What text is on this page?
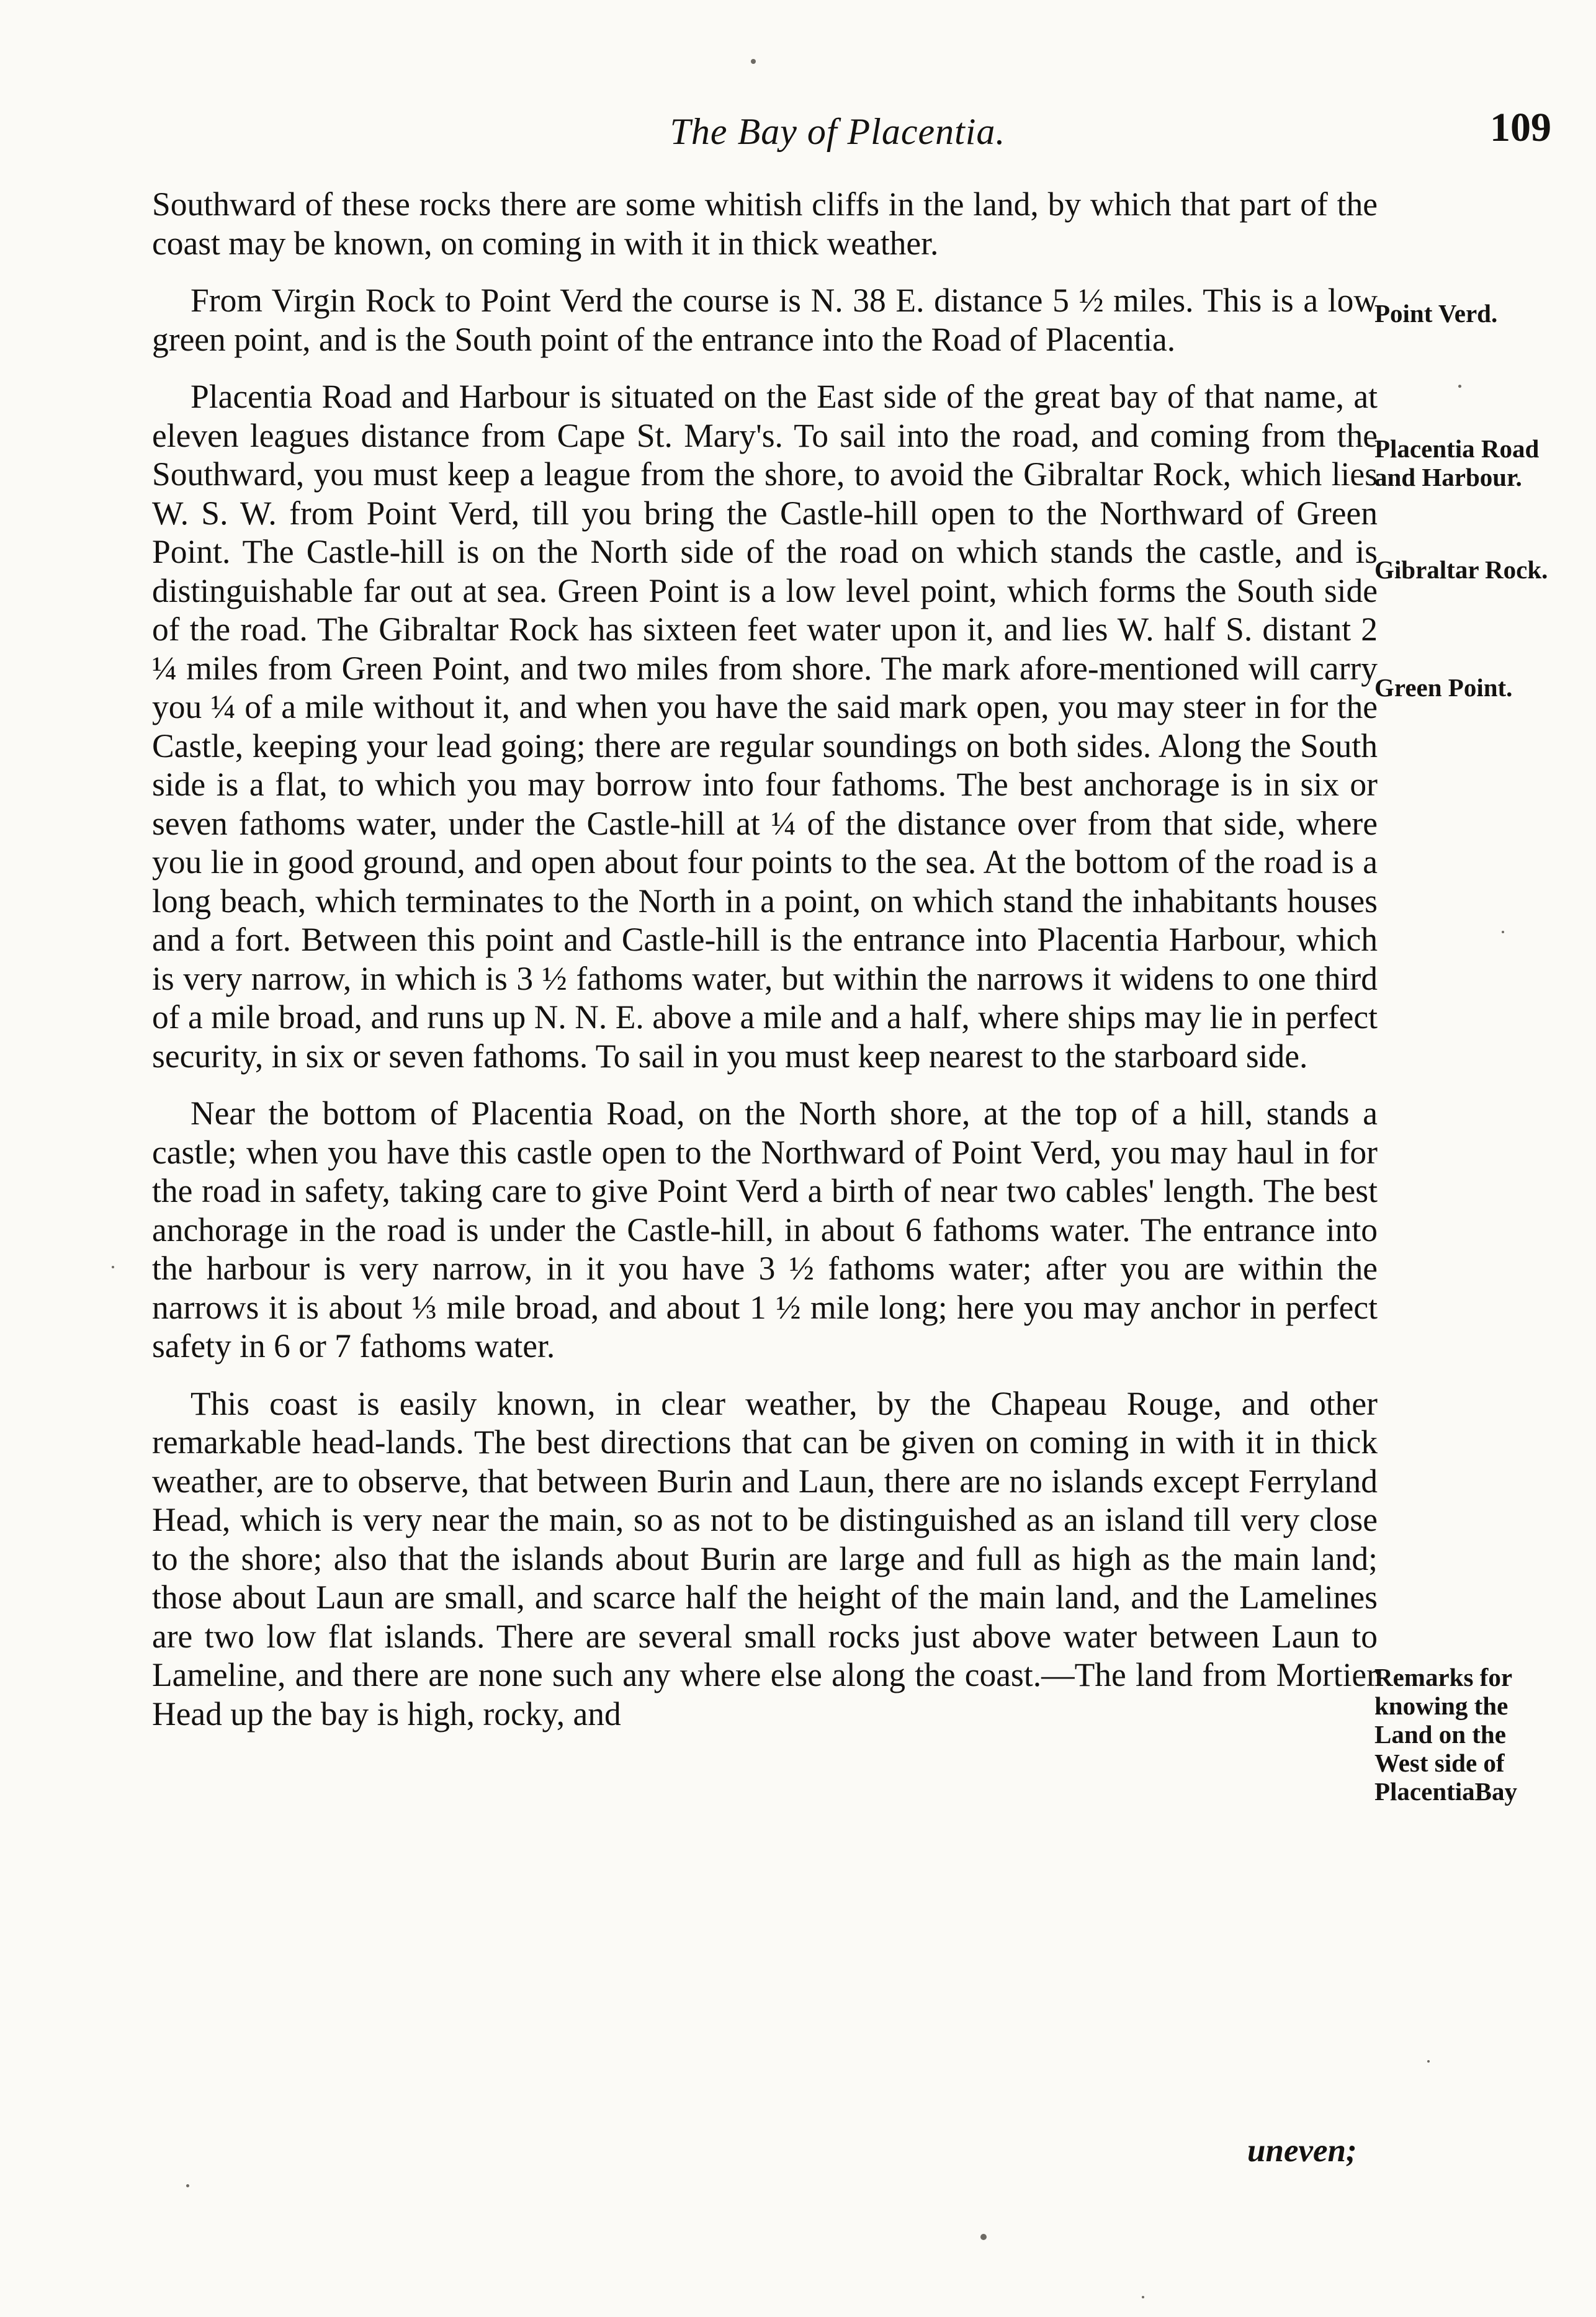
The Bay of Placentia.	109

Southward of these rocks there are some whitish cliffs in the land, by which that part of the coast may be known, on coming in with it in thick weather.

From Virgin Rock to Point Verd the course is N. 38 E. distance 5 ½ miles. This is a low green point, and is the South point of the entrance into the Road of Placentia.

Placentia Road and Harbour is situated on the East side of the great bay of that name, at eleven leagues distance from Cape St. Mary's. To sail into the road, and coming from the Southward, you must keep a league from the shore, to avoid the Gibraltar Rock, which lies W. S. W. from Point Verd, till you bring the Castle-hill open to the Northward of Green Point. The Castle-hill is on the North side of the road on which stands the castle, and is distinguishable far out at sea. Green Point is a low level point, which forms the South side of the road. The Gibraltar Rock has sixteen feet water upon it, and lies W. half S. distant 2 ¼ miles from Green Point, and two miles from shore. The mark afore-mentioned will carry you ¼ of a mile without it, and when you have the said mark open, you may steer in for the Castle, keeping your lead going; there are regular soundings on both sides. Along the South side is a flat, to which you may borrow into four fathoms. The best anchorage is in six or seven fathoms water, under the Castle-hill at ¼ of the distance over from that side, where you lie in good ground, and open about four points to the sea. At the bottom of the road is a long beach, which terminates to the North in a point, on which stand the inhabitants houses and a fort. Between this point and Castle-hill is the entrance into Placentia Harbour, which is very narrow, in which is 3 ½ fathoms water, but within the narrows it widens to one third of a mile broad, and runs up N. N. E. above a mile and a half, where ships may lie in perfect security, in six or seven fathoms. To sail in you must keep nearest to the starboard side.

Near the bottom of Placentia Road, on the North shore, at the top of a hill, stands a castle; when you have this castle open to the Northward of Point Verd, you may haul in for the road in safety, taking care to give Point Verd a birth of near two cables' length. The best anchorage in the road is under the Castle-hill, in about 6 fathoms water. The entrance into the harbour is very narrow, in it you have 3 ½ fathoms water; after you are within the narrows it is about ⅓ mile broad, and about 1 ½ mile long; here you may anchor in perfect safety in 6 or 7 fathoms water.

This coast is easily known, in clear weather, by the Chapeau Rouge, and other remarkable head-lands. The best directions that can be given on coming in with it in thick weather, are to observe, that between Burin and Laun, there are no islands except Ferryland Head, which is very near the main, so as not to be distinguished as an island till very close to the shore; also that the islands about Burin are large and full as high as the main land; those about Laun are small, and scarce half the height of the main land, and the Lamelines are two low flat islands. There are several small rocks just above water between Laun to Lameline, and there are none such any where else along the coast.—The land from Mortier Head up the bay is high, rocky, and

Point Verd.
Placentia Road and Harbour.
Gibraltar Rock.
Green Point.
Remarks for knowing the Land on the West side of PlacentiaBay
uneven;
